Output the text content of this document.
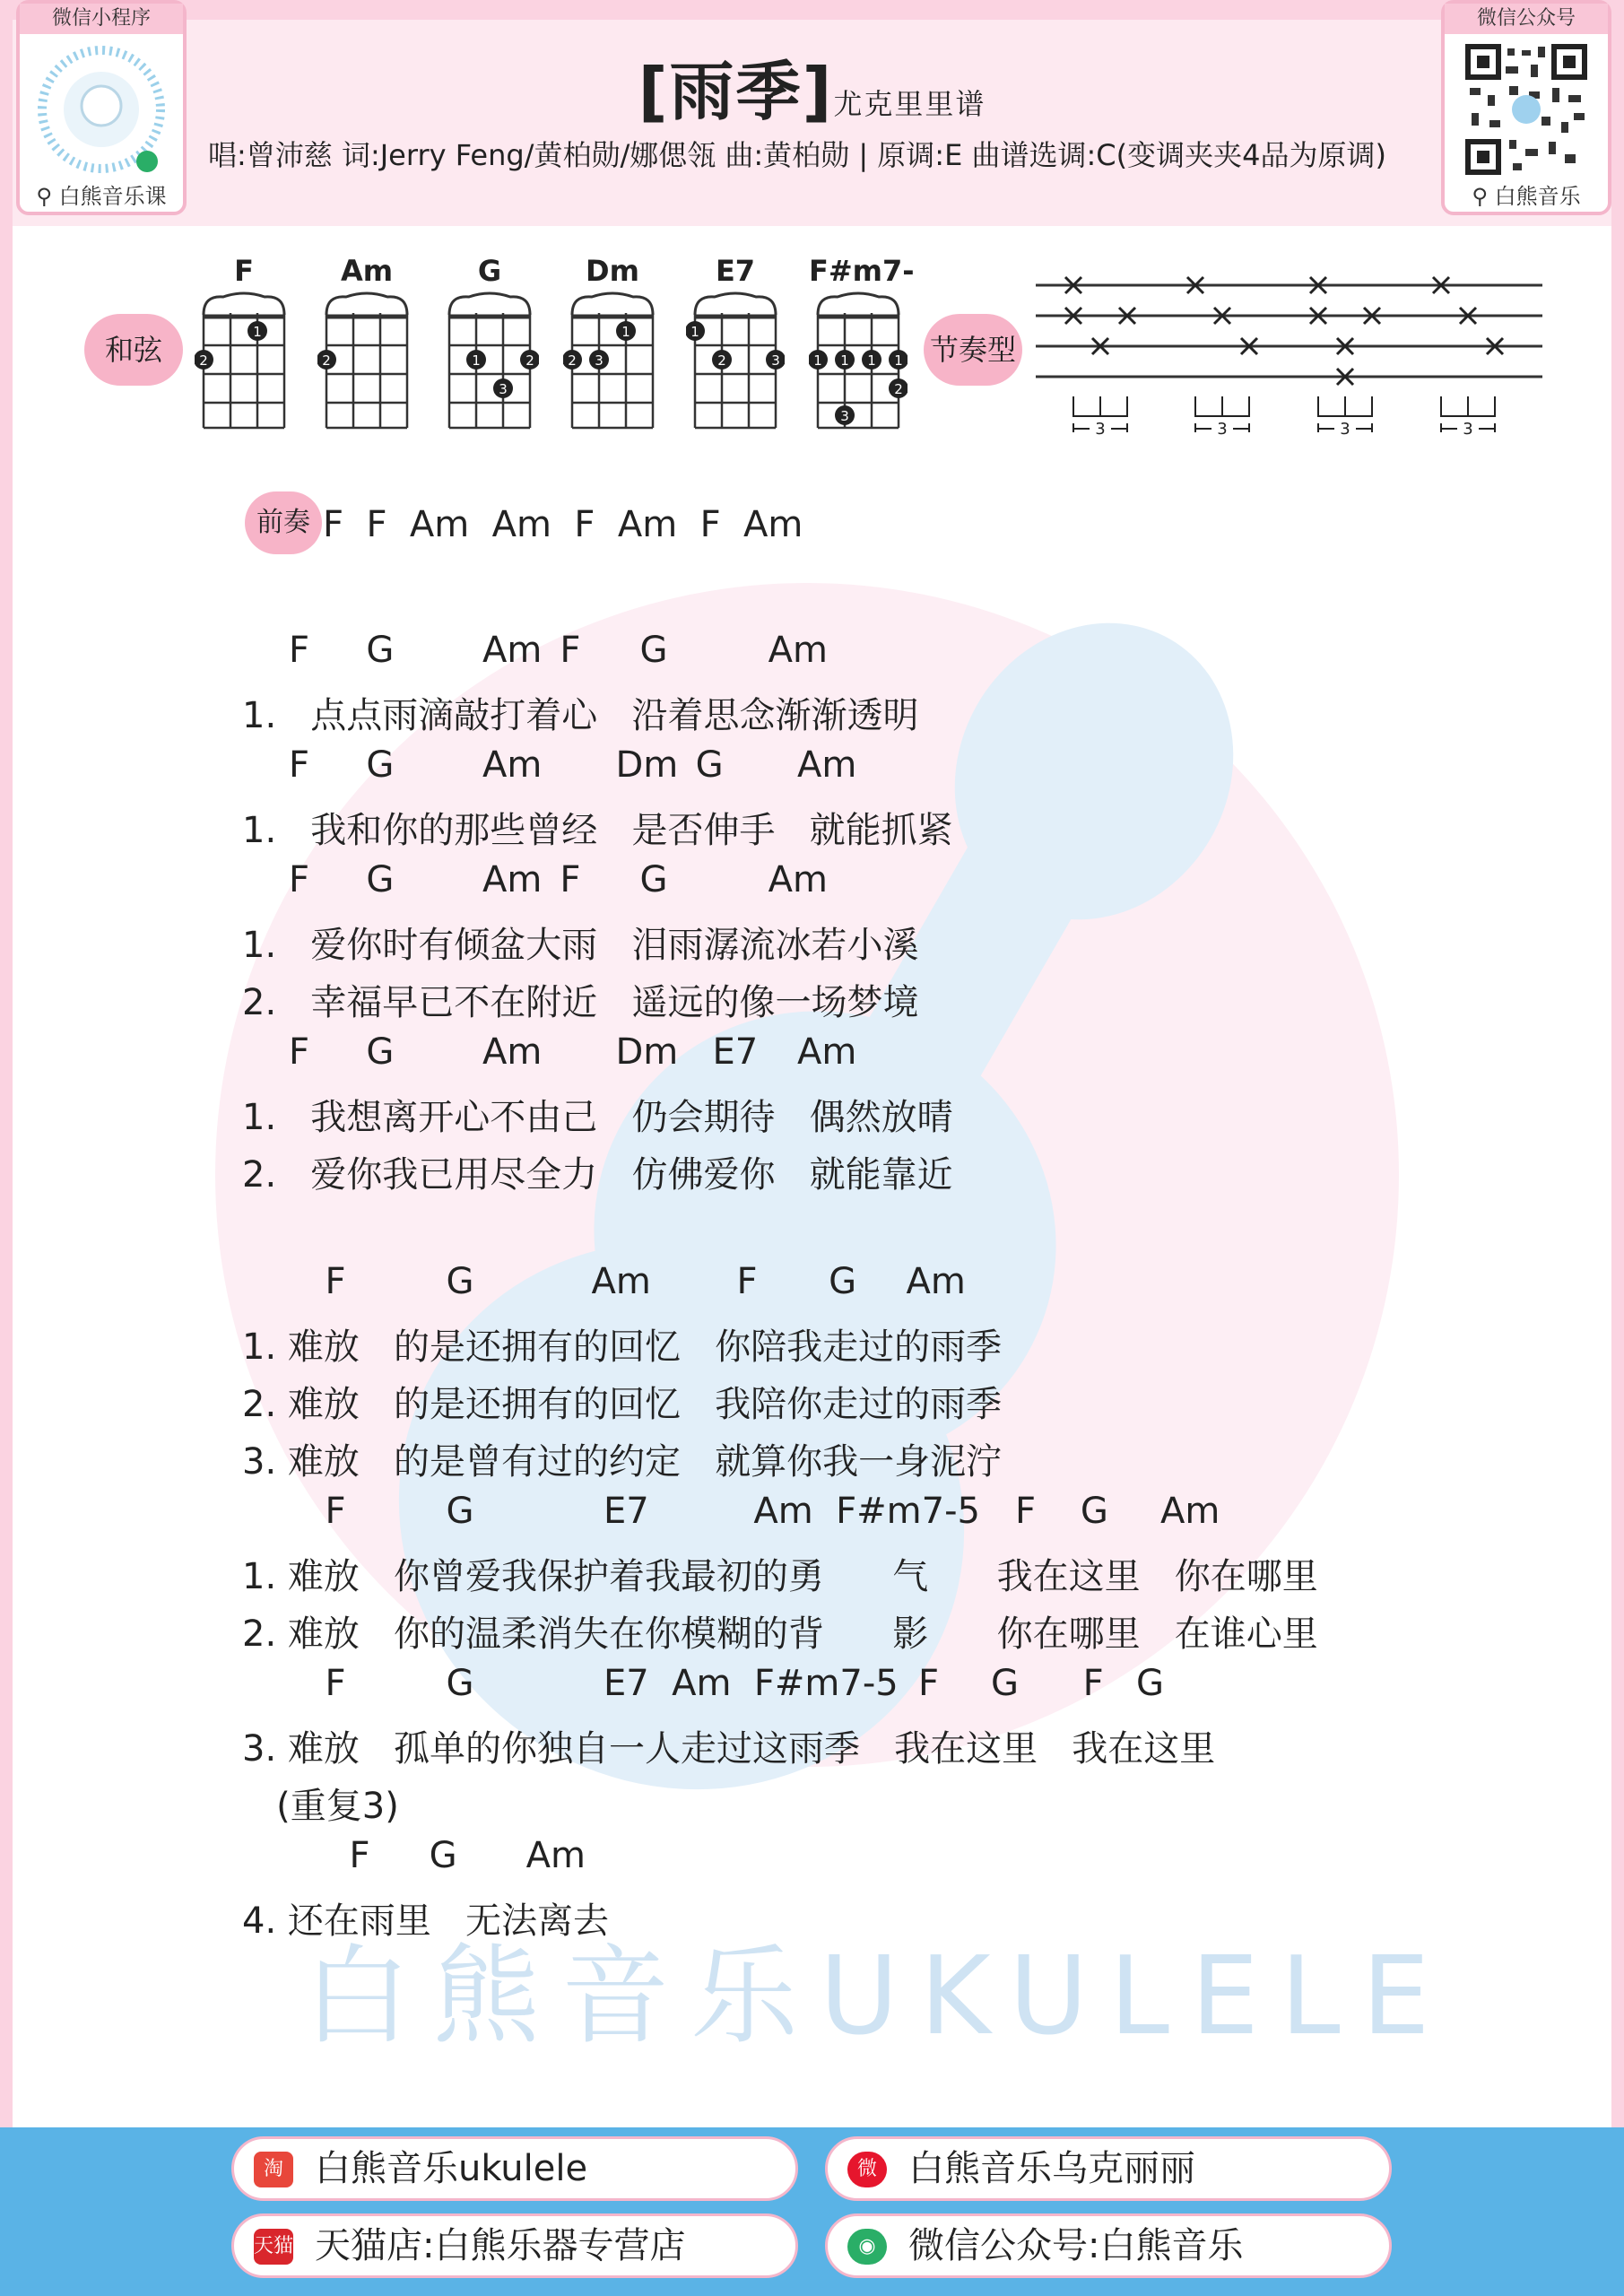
微信小程序
⚲ 白熊音乐课
微信公众号
⚲ 白熊音乐
[雨季]尤克里里谱
唱:曾沛慈 词:Jerry Feng/黄柏勋/娜偲瓴 曲:黄柏勋 | 原调:E 曲谱选调:C(变调夹夹4品为原调)
和弦
F
2
1
Am
2
G
1
3
2
Dm
2 3
1
E7
1
2	3
F#m7
1 1 1 1
2
3
节奏型
3	3	3	3
前奏 F  F  Am  Am  F  Am  F  Am
F G Am F G	Am
1.   点点雨滴敲打着心   沿着思念渐渐透明
F G Am Dm G Am
1.   我和你的那些曾经   是否伸手   就能抓紧
F G Am F G	Am
1.   爱你时有倾盆大雨   泪雨潺流冰若小溪
2.   幸福早已不在附近   遥远的像一场梦境
F G Am Dm E7 Am
1.   我想离开心不由己   仍会期待   偶然放晴
2.   爱你我已用尽全力   仿佛爱你   就能靠近
F	G	Am F G Am
1. 难放   的是还拥有的回忆   你陪我走过的雨季
2. 难放   的是还拥有的回忆   我陪你走过的雨季
3. 难放   的是曾有过的约定   就算你我一身泥泞
F	G	E7	Am  F#m7-5 F G Am
1. 难放   你曾爱我保护着我最初的勇      气      我在这里   你在哪里
2. 难放   你的温柔消失在你模糊的背      影      你在哪里   在谁心里
F	G	E7  Am  F#m7-5 F G F G
3. 难放   孤单的你独自一人走过这雨季   我在这里   我在这里
(重复3)
F G Am
4. 还在雨里   无法离去
白熊音乐UKULELE
淘 白熊音乐ukulele	微 白熊音乐乌克丽丽
天猫 天猫店:白熊乐器专营店	◉ 微信公众号:白熊音乐
